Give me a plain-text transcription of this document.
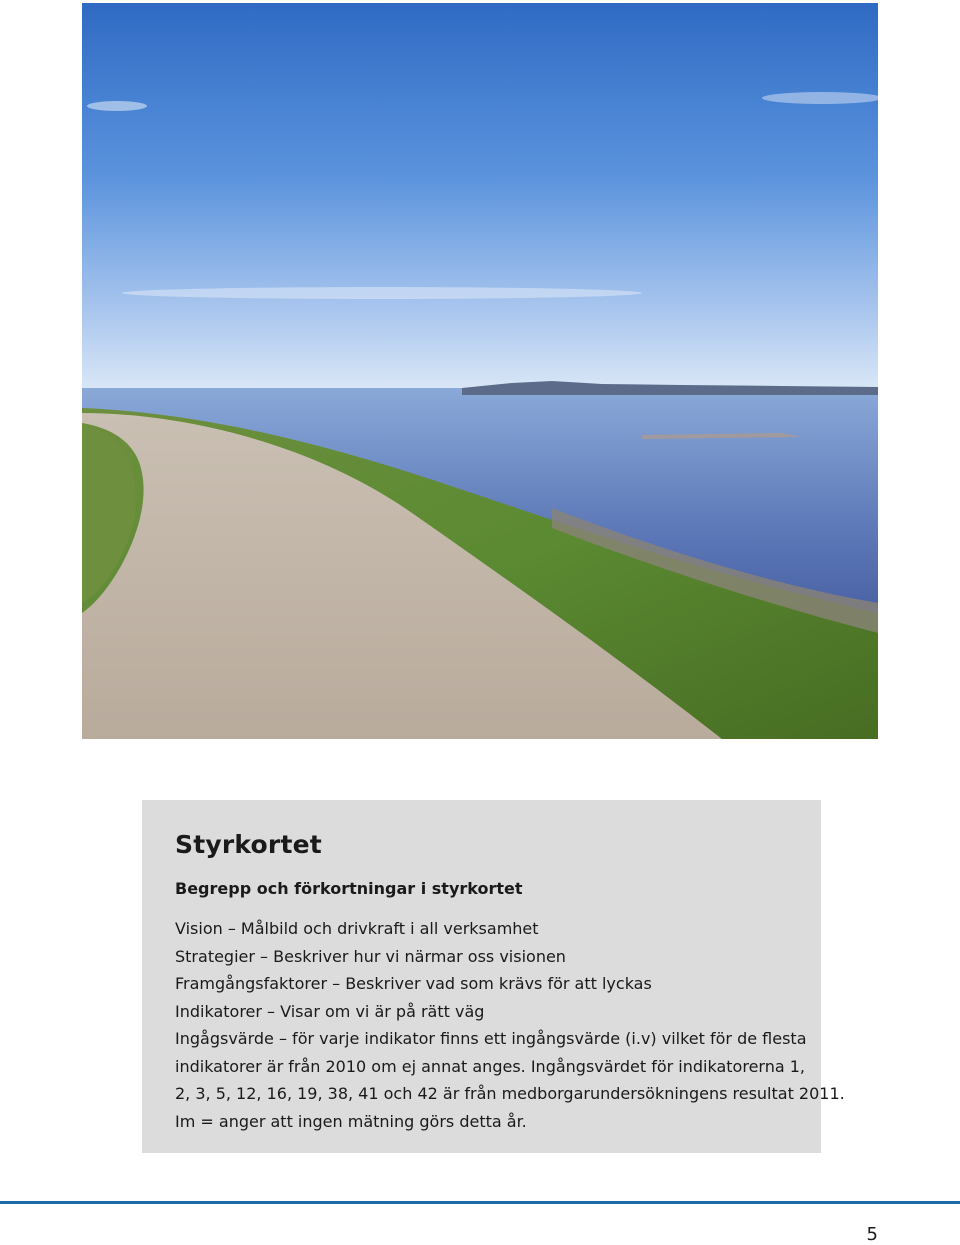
Styrkortet
Begrepp och förkortningar i styrkortet

Vision – Målbild och drivkraft i all verksamhet

Strategier – Beskriver hur vi närmar oss visionen

Framgångsfaktorer – Beskriver vad som krävs för att lyckas

Indikatorer – Visar om vi är på rätt väg

Ingågsvärde – för varje indikator finns ett ingångsvärde (i.v) vilket för de flesta

indikatorer är från 2010 om ej annat anges. Ingångsvärdet för indikatorerna 1,

2, 3, 5, 12, 16, 19, 38, 41 och 42 är från medborgarundersökningens resultat 2011.

Im = anger att ingen mätning görs detta år.

5
